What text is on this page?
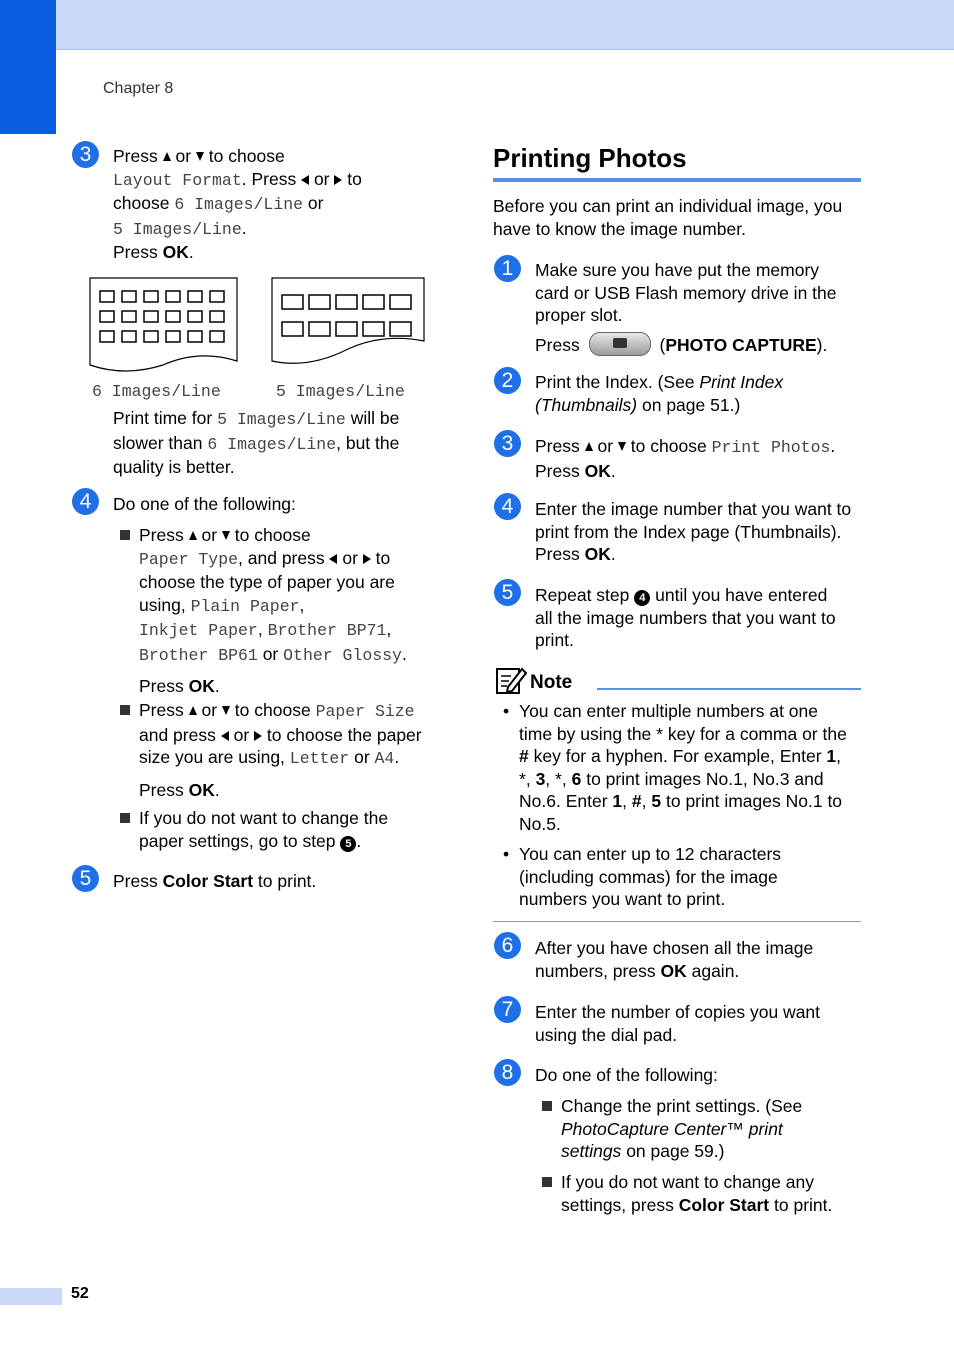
Chapter 8
3	Press or to choose
Layout Format. Press or to
choose 6 Images/Line or
5 Images/Line.
Press OK.
6 Images/Line	5 Images/Line
Print time for 5 Images/Line will be
slower than 6 Images/Line, but the
quality is better.
4	Do one of the following:
Press or to choose
Paper Type, and press or to
choose the type of paper you are
using, Plain Paper,
Inkjet Paper, Brother BP71,
Brother BP61 or Other Glossy.
Press OK.
Press or to choose Paper Size
and press or to choose the paper
size you are using, Letter or A4.
Press OK.
If you do not want to change the
paper settings, go to step 5 .
5	Press Color Start to print.
Printing Photos
Before you can print an individual image, you
have to know the image number.
1	Make sure you have put the memory
card or USB Flash memory drive in the
proper slot.
Press	(PHOTO CAPTURE).
2	Print the Index. (See Print Index
(Thumbnails) on page 51.)
3	Press or to choose Print Photos.
Press OK.
4	Enter the image number that you want to
print from the Index page (Thumbnails).
Press OK.
5	Repeat step 4 until you have entered
all the image numbers that you want to
print.
Note
• You can enter multiple numbers at one
time by using the * key for a comma or the
# key for a hyphen. For example, Enter 1,
*, 3, *, 6 to print images No.1, No.3 and
No.6. Enter 1, #, 5 to print images No.1 to
No.5.
• You can enter up to 12 characters
(including commas) for the image
numbers you want to print.
6	After you have chosen all the image
numbers, press OK again.
7	Enter the number of copies you want
using the dial pad.
8	Do one of the following:
Change the print settings. (See
PhotoCapture Center™ print
settings on page 59.)
If you do not want to change any
settings, press Color Start to print.
52
